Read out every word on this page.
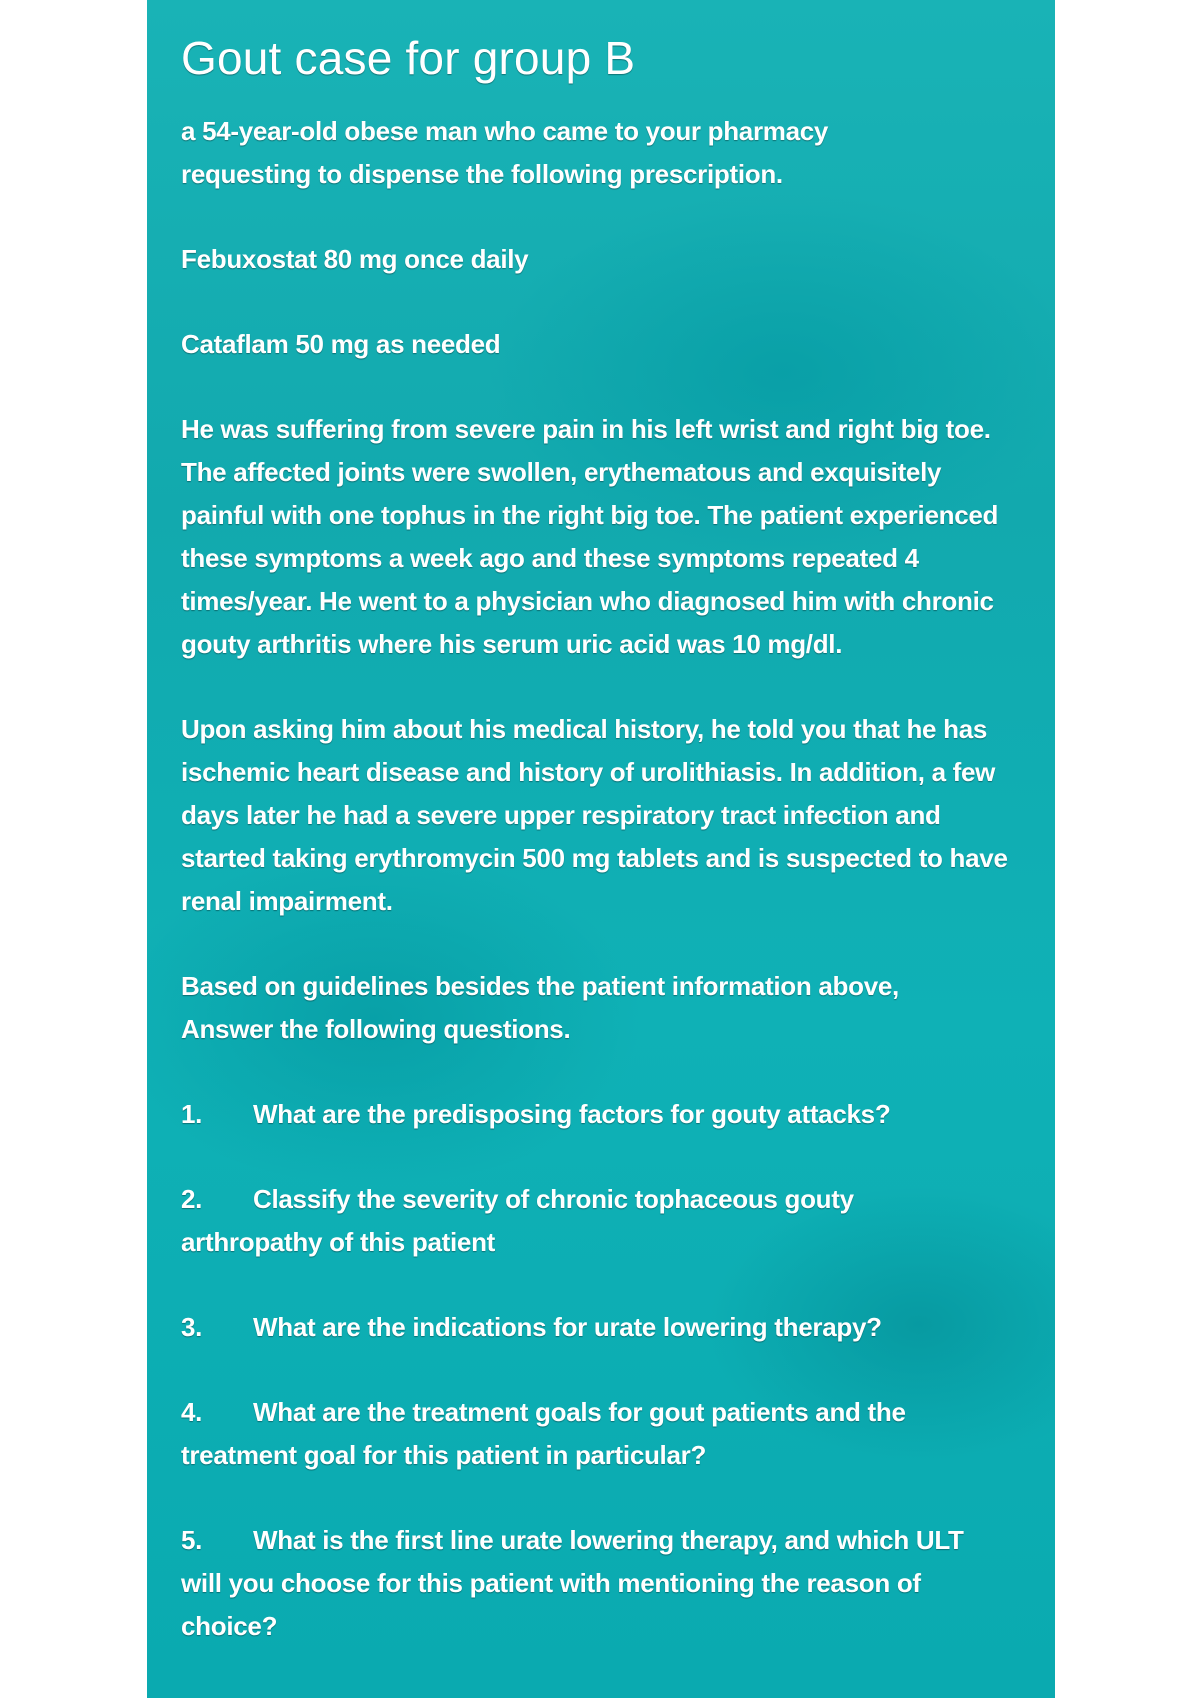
Gout case for group B

a 54-year-old obese man who came to your pharmacy requesting to dispense the following prescription.

Febuxostat 80 mg once daily

Cataflam 50 mg as needed

He was suffering from severe pain in his left wrist and right big toe. The affected joints were swollen, erythematous and exquisitely painful with one tophus in the right big toe. The patient experienced these symptoms a week ago and these symptoms repeated 4 times/year. He went to a physician who diagnosed him with chronic gouty arthritis where his serum uric acid was 10 mg/dl.

Upon asking him about his medical history, he told you that he has ischemic heart disease and history of urolithiasis. In addition, a few days later he had a severe upper respiratory tract infection and started taking erythromycin 500 mg tablets and is suspected to have renal impairment.

Based on guidelines besides the patient information above, Answer the following questions.

1. What are the predisposing factors for gouty attacks?

2. Classify the severity of chronic tophaceous gouty arthropathy of this patient

3. What are the indications for urate lowering therapy?

4. What are the treatment goals for gout patients and the treatment goal for this patient in particular?

5. What is the first line urate lowering therapy, and which ULT will you choose for this patient with mentioning the reason of choice?
